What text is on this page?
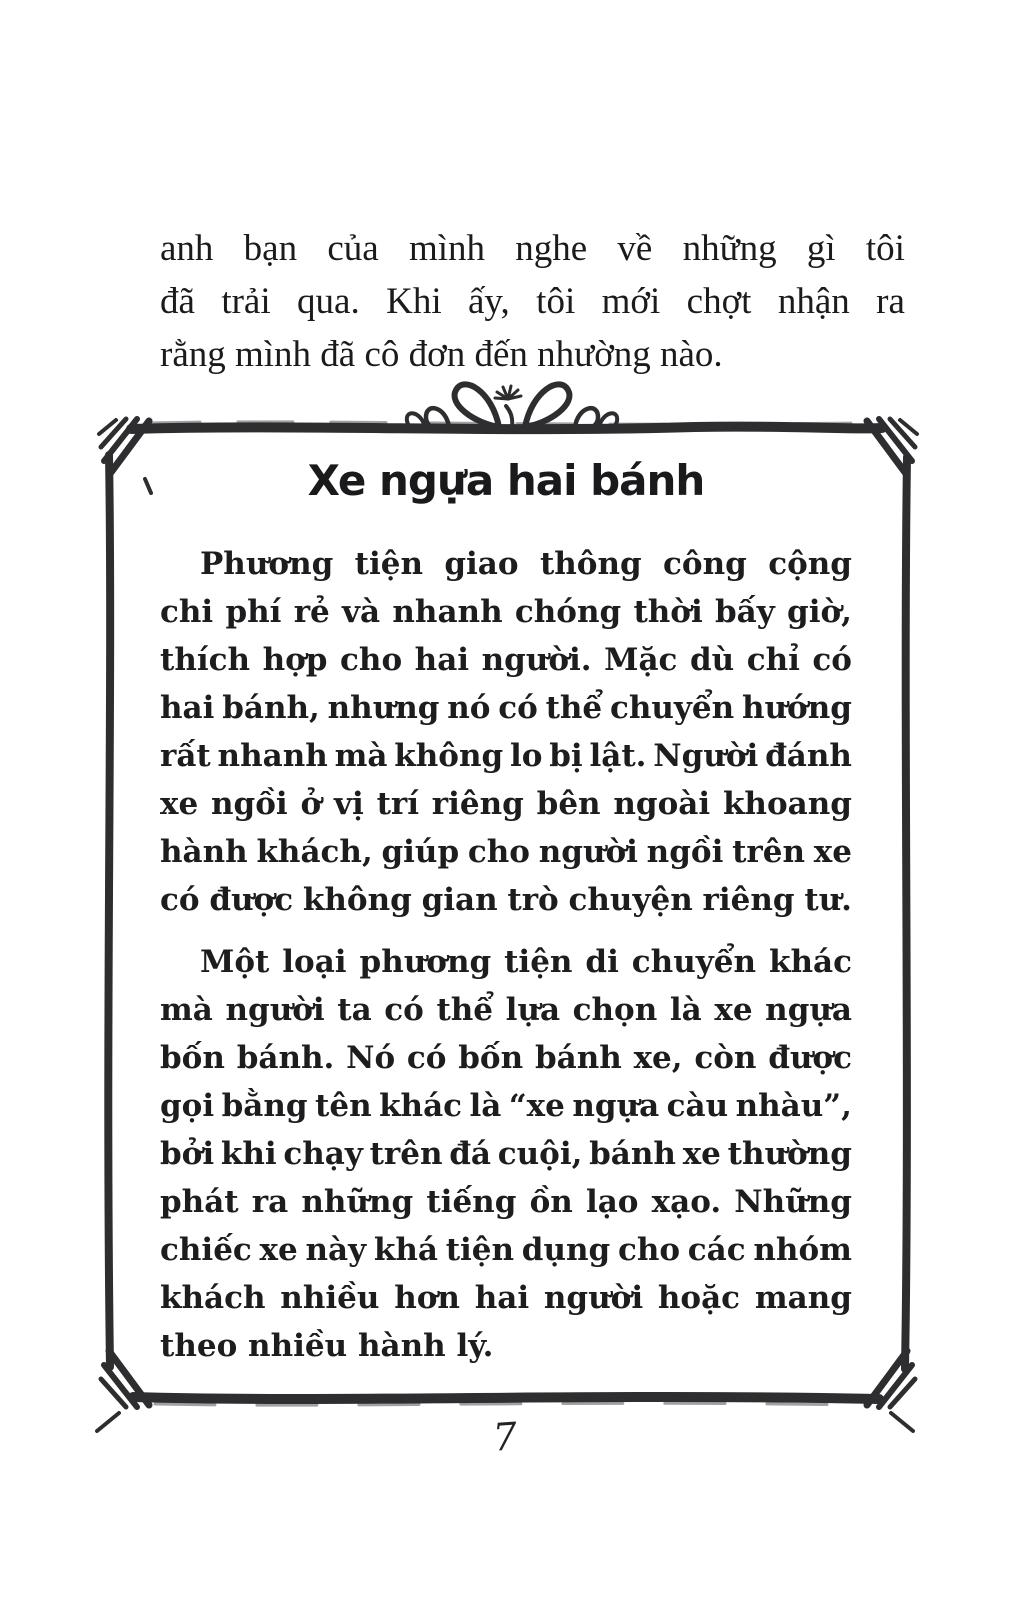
anh bạn của mình nghe về những gì tôi
đã trải qua. Khi ấy, tôi mới chợt nhận ra
rằng mình đã cô đơn đến nhường nào.
Xe ngựa hai bánh
Phương tiện giao thông công cộng
chi phí rẻ và nhanh chóng thời bấy giờ,
thích hợp cho hai người. Mặc dù chỉ có
hai bánh, nhưng nó có thể chuyển hướng
rất nhanh mà không lo bị lật. Người đánh
xe ngồi ở vị trí riêng bên ngoài khoang
hành khách, giúp cho người ngồi trên xe
có được không gian trò chuyện riêng tư.
Một loại phương tiện di chuyển khác
mà người ta có thể lựa chọn là xe ngựa
bốn bánh. Nó có bốn bánh xe, còn được
gọi bằng tên khác là “xe ngựa càu nhàu”,
bởi khi chạy trên đá cuội, bánh xe thường
phát ra những tiếng ồn lạo xạo. Những
chiếc xe này khá tiện dụng cho các nhóm
khách nhiều hơn hai người hoặc mang
theo nhiều hành lý.
7
